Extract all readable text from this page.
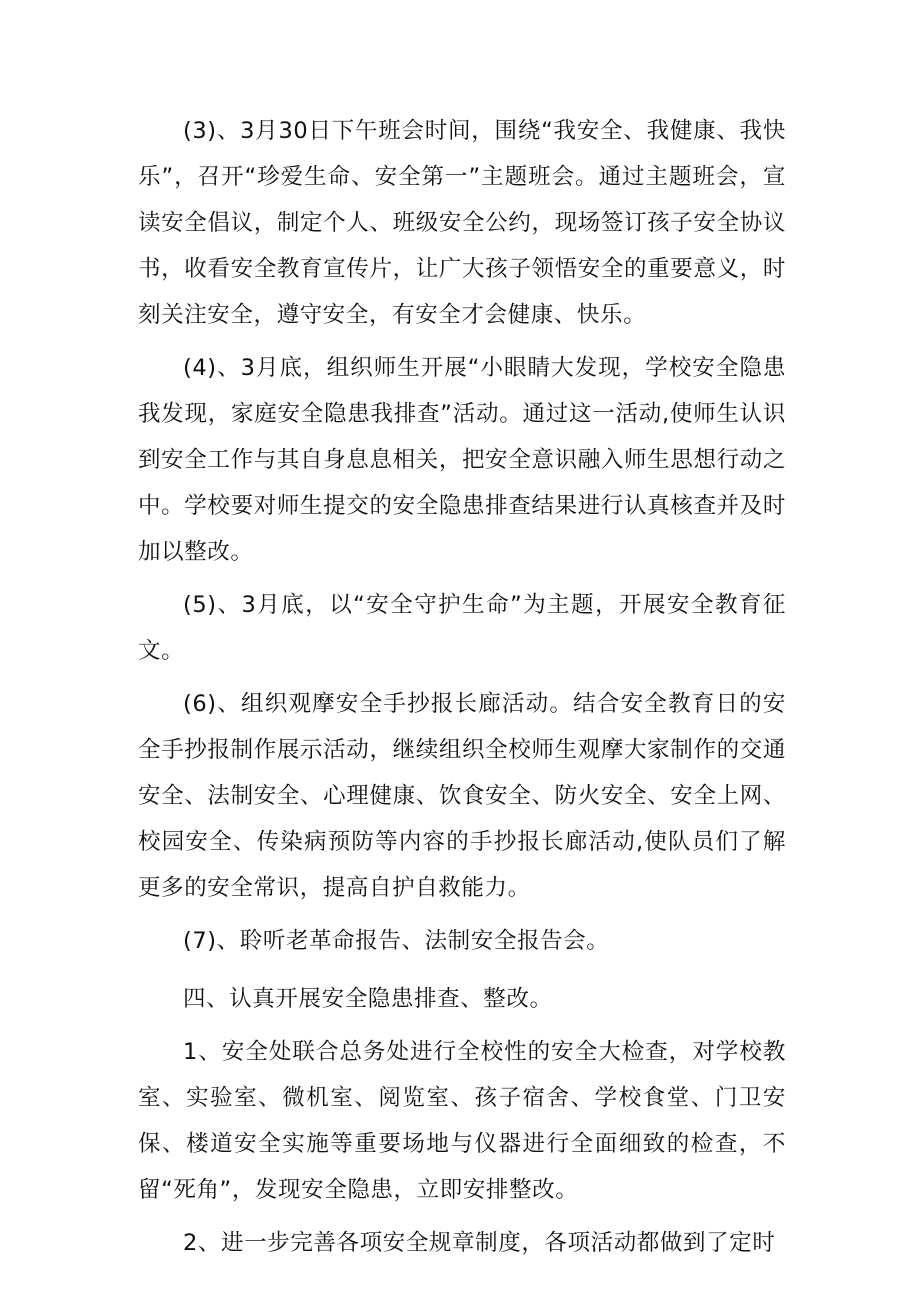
(3)、3月30日下午班会时间，围绕“我安全、我健康、我快乐”，召开“珍爱生命、安全第一”主题班会。通过主题班会，宣读安全倡议，制定个人、班级安全公约，现场签订孩子安全协议书，收看安全教育宣传片，让广大孩子领悟安全的重要意义，时刻关注安全，遵守安全，有安全才会健康、快乐。

(4)、3月底，组织师生开展“小眼睛大发现，学校安全隐患我发现，家庭安全隐患我排查”活动。通过这一活动,使师生认识到安全工作与其自身息息相关，把安全意识融入师生思想行动之中。学校要对师生提交的安全隐患排查结果进行认真核查并及时加以整改。

(5)、3月底，以“安全守护生命”为主题，开展安全教育征文。

(6)、组织观摩安全手抄报长廊活动。结合安全教育日的安全手抄报制作展示活动，继续组织全校师生观摩大家制作的交通安全、法制安全、心理健康、饮食安全、防火安全、安全上网、校园安全、传染病预防等内容的手抄报长廊活动,使队员们了解更多的安全常识，提高自护自救能力。

(7)、聆听老革命报告、法制安全报告会。

四、认真开展安全隐患排查、整改。

1、安全处联合总务处进行全校性的安全大检查，对学校教室、实验室、微机室、阅览室、孩子宿舍、学校食堂、门卫安保、楼道安全实施等重要场地与仪器进行全面细致的检查，不留“死角”，发现安全隐患，立即安排整改。

2、进一步完善各项安全规章制度，各项活动都做到了定时
